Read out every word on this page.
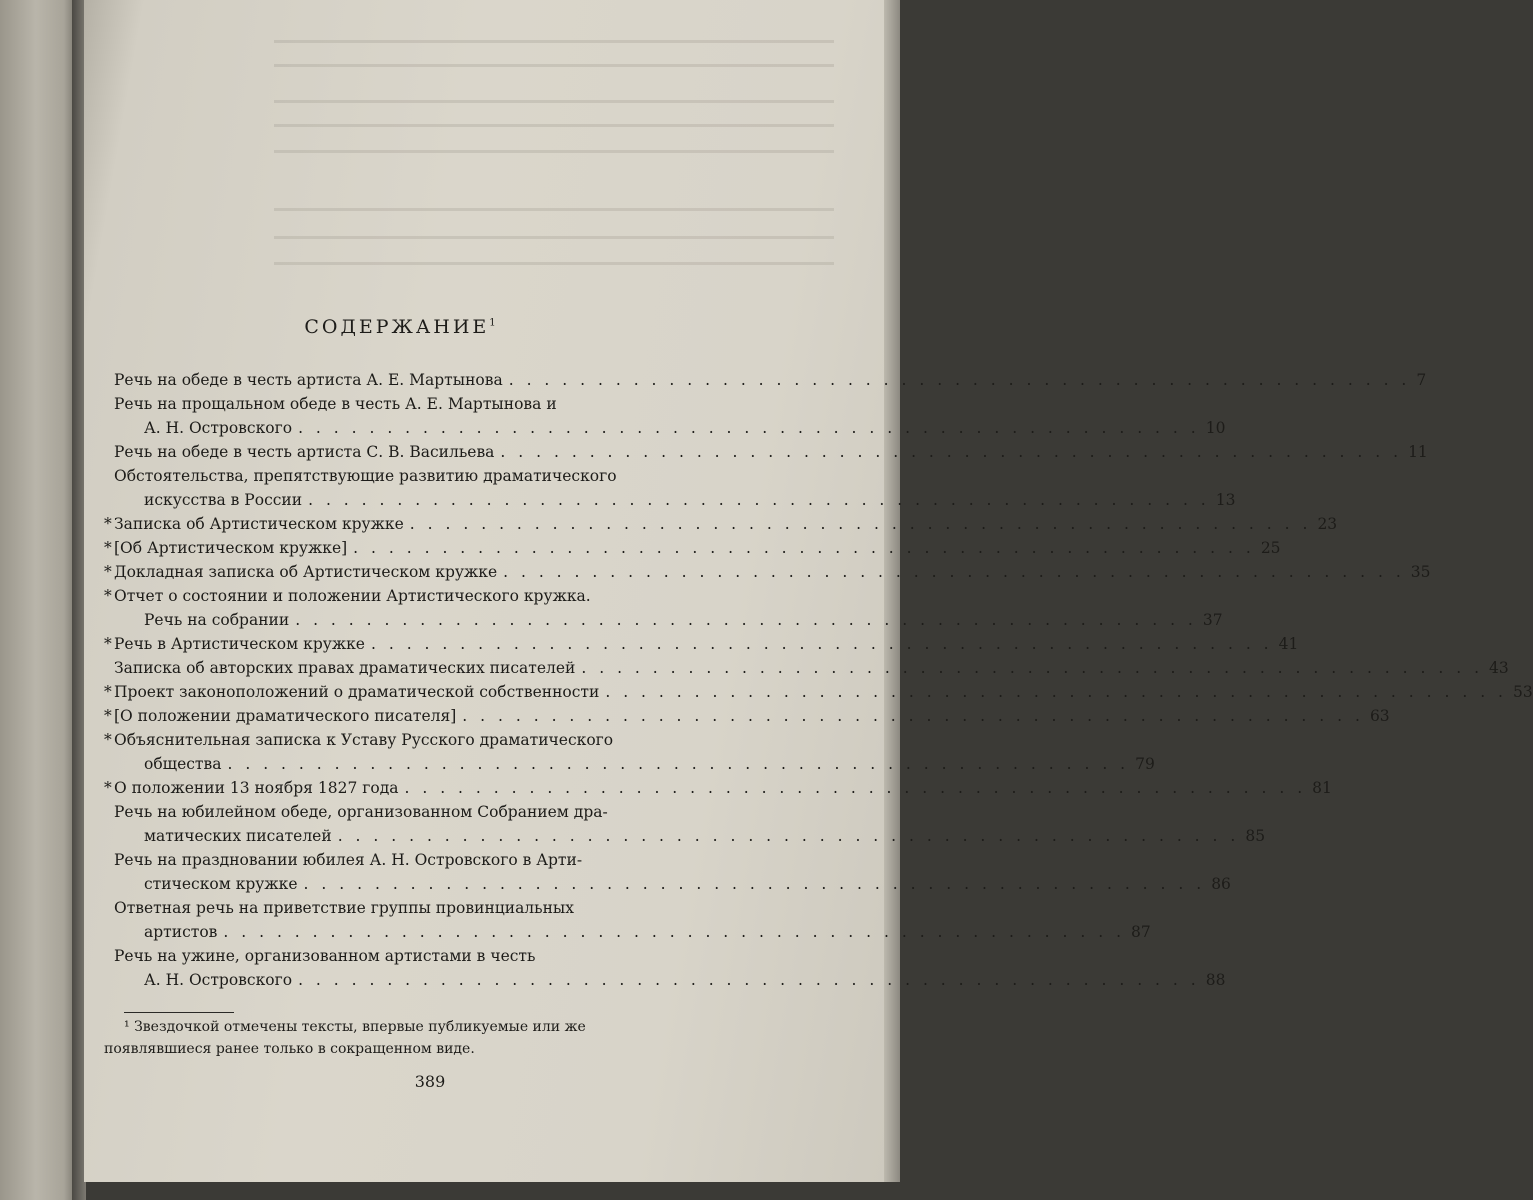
СОДЕРЖАНИЕ$^1$
Речь на обеде в честь артиста А. Е. Мартынова . . . . . . . . . . . . . . . . . . . . . . . . . . . . . . . . . . . . . . . . . . . . . . . . . . . 7
Речь на прощальном обеде в честь А. Е. Мартынова и
А. Н. Островского . . . . . . . . . . . . . . . . . . . . . . . . . . . . . . . . . . . . . . . . . . . . . . . . . . . 10
Речь на обеде в честь артиста С. В. Васильева . . . . . . . . . . . . . . . . . . . . . . . . . . . . . . . . . . . . . . . . . . . . . . . . . . . 11
Обстоятельства, препятствующие развитию драматического
искусства в России . . . . . . . . . . . . . . . . . . . . . . . . . . . . . . . . . . . . . . . . . . . . . . . . . . . 13
* Записка об Артистическом кружке . . . . . . . . . . . . . . . . . . . . . . . . . . . . . . . . . . . . . . . . . . . . . . . . . . . 23
* [Об Артистическом кружке] . . . . . . . . . . . . . . . . . . . . . . . . . . . . . . . . . . . . . . . . . . . . . . . . . . . 25
* Докладная записка об Артистическом кружке . . . . . . . . . . . . . . . . . . . . . . . . . . . . . . . . . . . . . . . . . . . . . . . . . . . 35
* Отчет о состоянии и положении Артистического кружка.
Речь на собрании . . . . . . . . . . . . . . . . . . . . . . . . . . . . . . . . . . . . . . . . . . . . . . . . . . . 37
* Речь в Артистическом кружке . . . . . . . . . . . . . . . . . . . . . . . . . . . . . . . . . . . . . . . . . . . . . . . . . . . 41
Записка об авторских правах драматических писателей . . . . . . . . . . . . . . . . . . . . . . . . . . . . . . . . . . . . . . . . . . . . . . . . . . . 43
* Проект законоположений о драматической собственности . . . . . . . . . . . . . . . . . . . . . . . . . . . . . . . . . . . . . . . . . . . . . . . . . . . 53
* [О положении драматического писателя] . . . . . . . . . . . . . . . . . . . . . . . . . . . . . . . . . . . . . . . . . . . . . . . . . . . 63
* Объяснительная записка к Уставу Русского драматического
общества . . . . . . . . . . . . . . . . . . . . . . . . . . . . . . . . . . . . . . . . . . . . . . . . . . . 79
* О положении 13 ноября 1827 года . . . . . . . . . . . . . . . . . . . . . . . . . . . . . . . . . . . . . . . . . . . . . . . . . . . 81
Речь на юбилейном обеде, организованном Собранием дра-
матических писателей . . . . . . . . . . . . . . . . . . . . . . . . . . . . . . . . . . . . . . . . . . . . . . . . . . . 85
Речь на праздновании юбилея А. Н. Островского в Арти-
стическом кружке . . . . . . . . . . . . . . . . . . . . . . . . . . . . . . . . . . . . . . . . . . . . . . . . . . . 86
Ответная речь на приветствие группы провинциальных
артистов . . . . . . . . . . . . . . . . . . . . . . . . . . . . . . . . . . . . . . . . . . . . . . . . . . . 87
Речь на ужине, организованном артистами в честь
А. Н. Островского . . . . . . . . . . . . . . . . . . . . . . . . . . . . . . . . . . . . . . . . . . . . . . . . . . . 88
¹ Звездочкой отмечены тексты, впервые публикуемые или же появлявшиеся ранее только в сокращенном виде.
389
